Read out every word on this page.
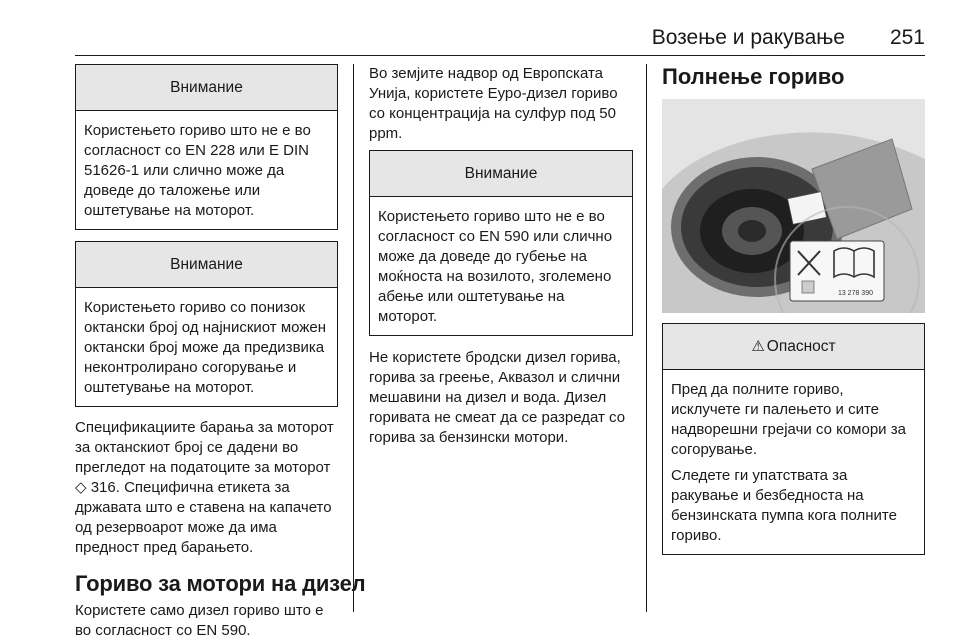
Возење и ракување 251
Внимание

Користењето гориво што не е во согласност со EN 228 или E DIN 51626-1 или слично може да доведе до таложење или оштетување на моторот.

Внимание

Користењето гориво со понизок октански број од најнискиот можен октански број може да предизвика неконтролирано согорување и оштетување на моторот.

Спецификациите барања за моторот за октанскиот број се дадени во прегледот на податоците за моторот ◇ 316. Специфична етикета за државата што е ставена на капачето од резервоарот може да има предност пред барањето.

Гориво за мотори на дизел

Користете само дизел гориво што е во согласност со EN 590.

Во земјите надвор од Европската Унија, користете Еуро-дизел гориво со концентрација на сулфур под 50 ppm.

Внимание

Користењето гориво што не е во согласност со EN 590 или слично може да доведе до губење на моќноста на возилото, зголемено абење или оштетување на моторот.

Не користете бродски дизел горива, горива за греење, Аквазол и слични мешавини на дизел и вода. Дизел горивата не смеат да се разредат со горива за бензински мотори.

Полнење гориво
13 278 390
⚠ Опасност

Пред да полните гориво, исклучете ги палењето и сите надворешни грејачи со комори за согорување.

Следете ги упатствата за ракување и безбедноста на бензинската пумпа кога полните гориво.
